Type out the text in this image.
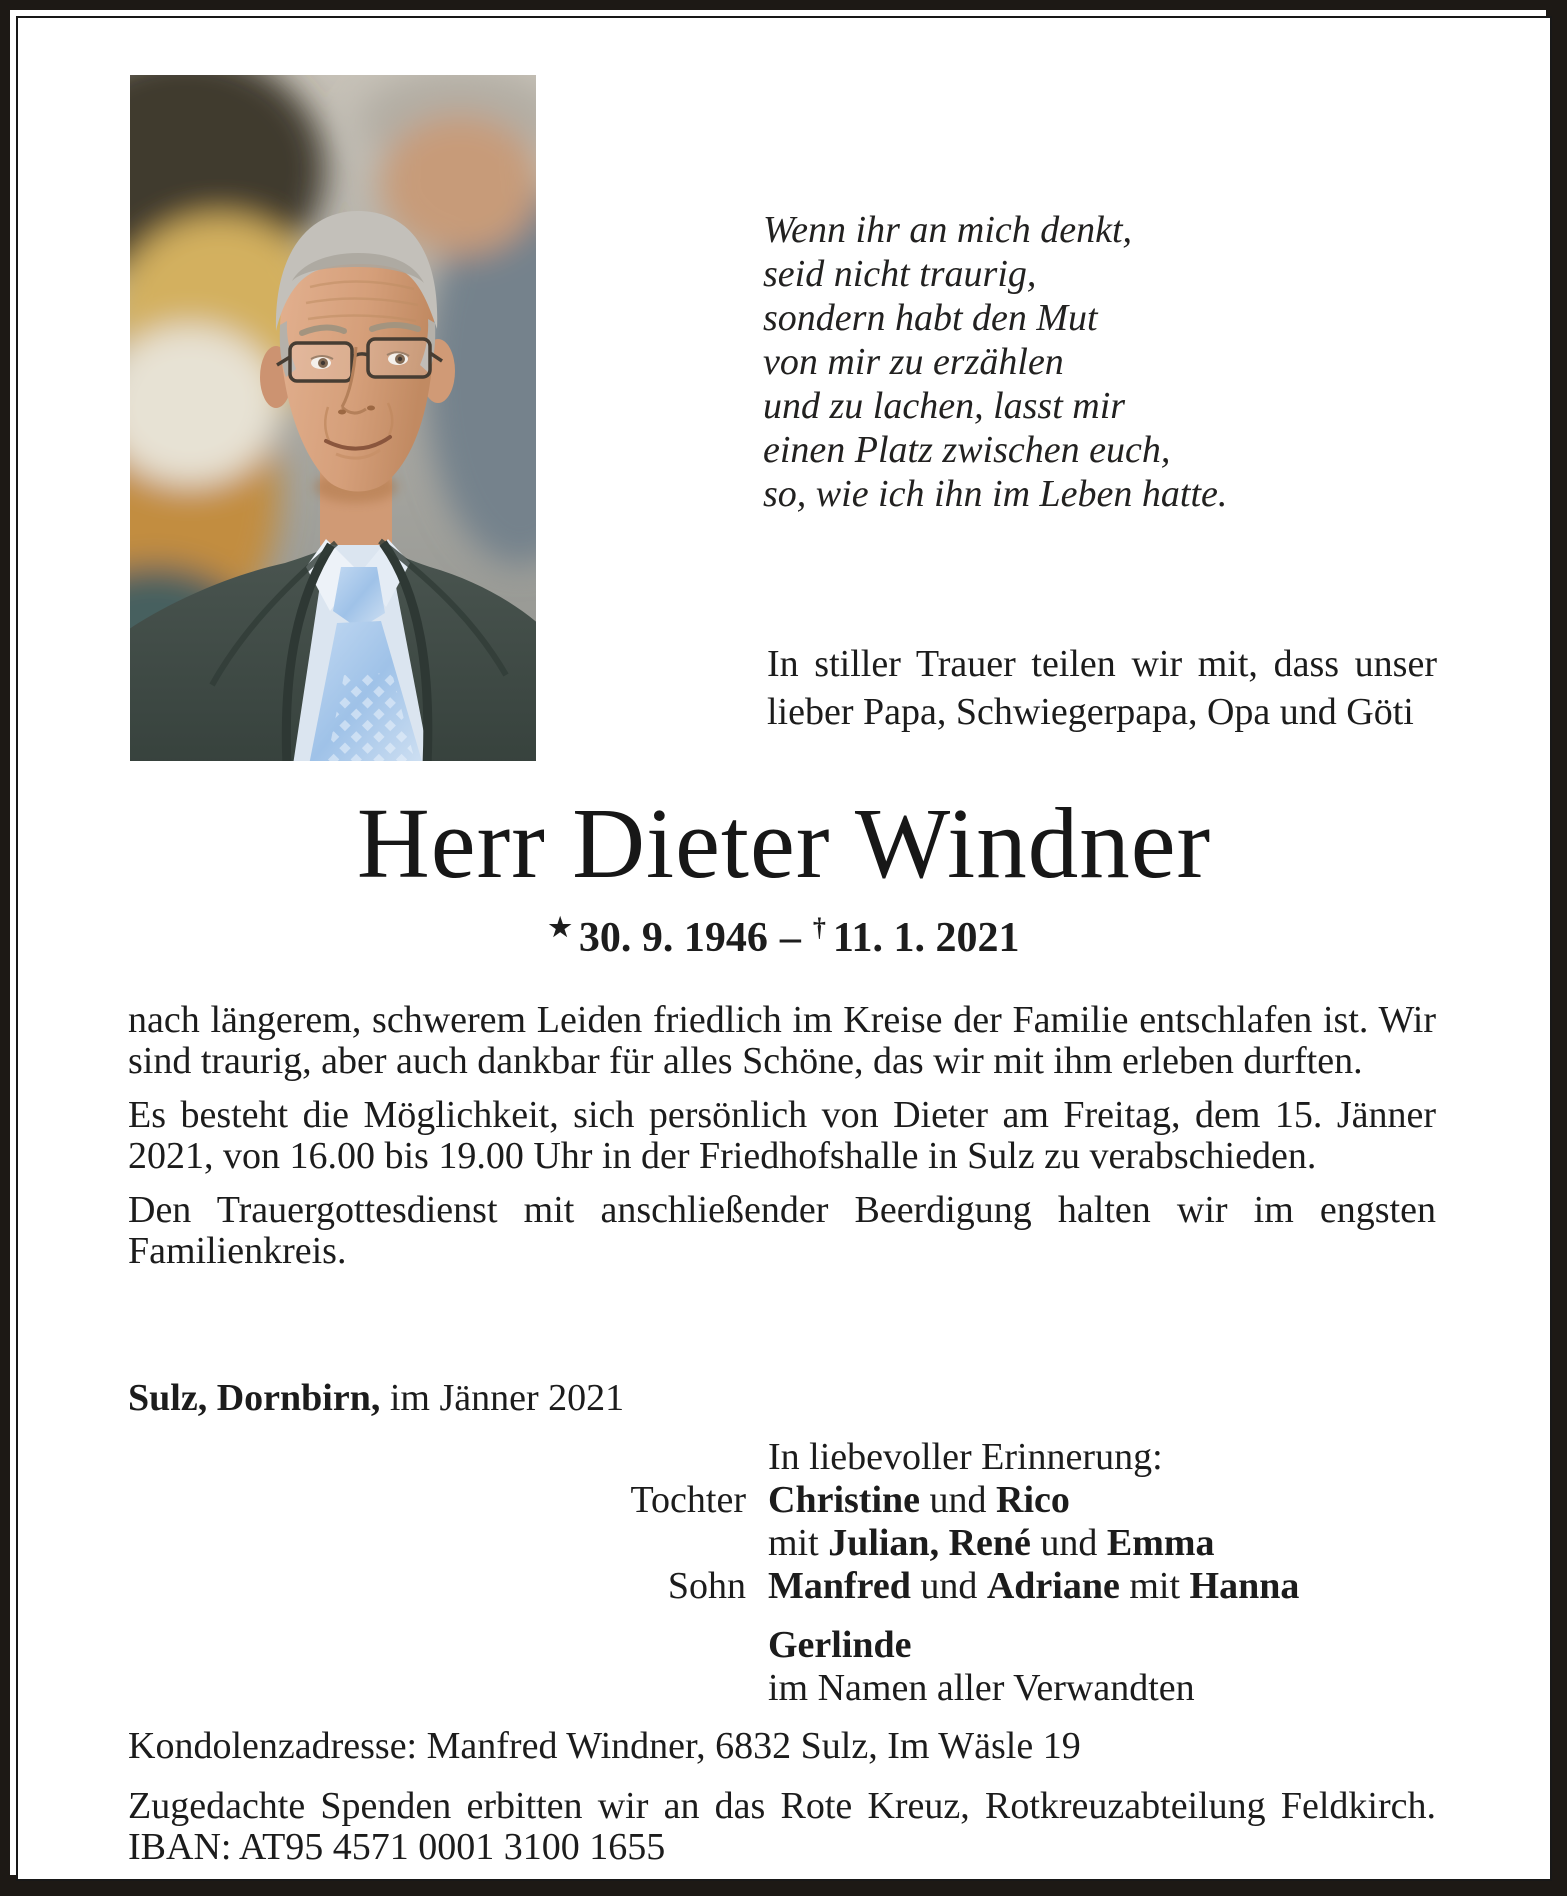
Wenn ihr an mich denkt,
seid nicht traurig,
sondern habt den Mut
von mir zu erzählen
und zu lachen, lasst mir
einen Platz zwischen euch,
so, wie ich ihn im Leben hatte.
In stiller Trauer teilen wir mit, dass unser lieber Papa, Schwiegerpapa, Opa und Göti
Herr Dieter Windner
★ 30. 9. 1946 – † 11. 1. 2021

nach längerem, schwerem Leiden friedlich im Kreise der Familie entschlafen ist. Wir sind traurig, aber auch dankbar für alles Schöne, das wir mit ihm erleben durften.

Es besteht die Möglichkeit, sich persönlich von Dieter am Freitag, dem 15. Jänner 2021, von 16.00 bis 19.00 Uhr in der Friedhofshalle in Sulz zu verabschieden.

Den Trauergottesdienst mit anschließender Beerdigung halten wir im engsten Familienkreis.

Sulz, Dornbirn, im Jänner 2021
In liebevoller Erinnerung:
Tochter Christine und Rico
mit Julian, René und Emma
Sohn Manfred und Adriane mit Hanna
Gerlinde
im Namen aller Verwandten
Kondolenzadresse: Manfred Windner, 6832 Sulz, Im Wäsle 19
Zugedachte Spenden erbitten wir an das Rote Kreuz, Rotkreuzabteilung Feldkirch. IBAN: AT95 4571 0001 3100 1655
